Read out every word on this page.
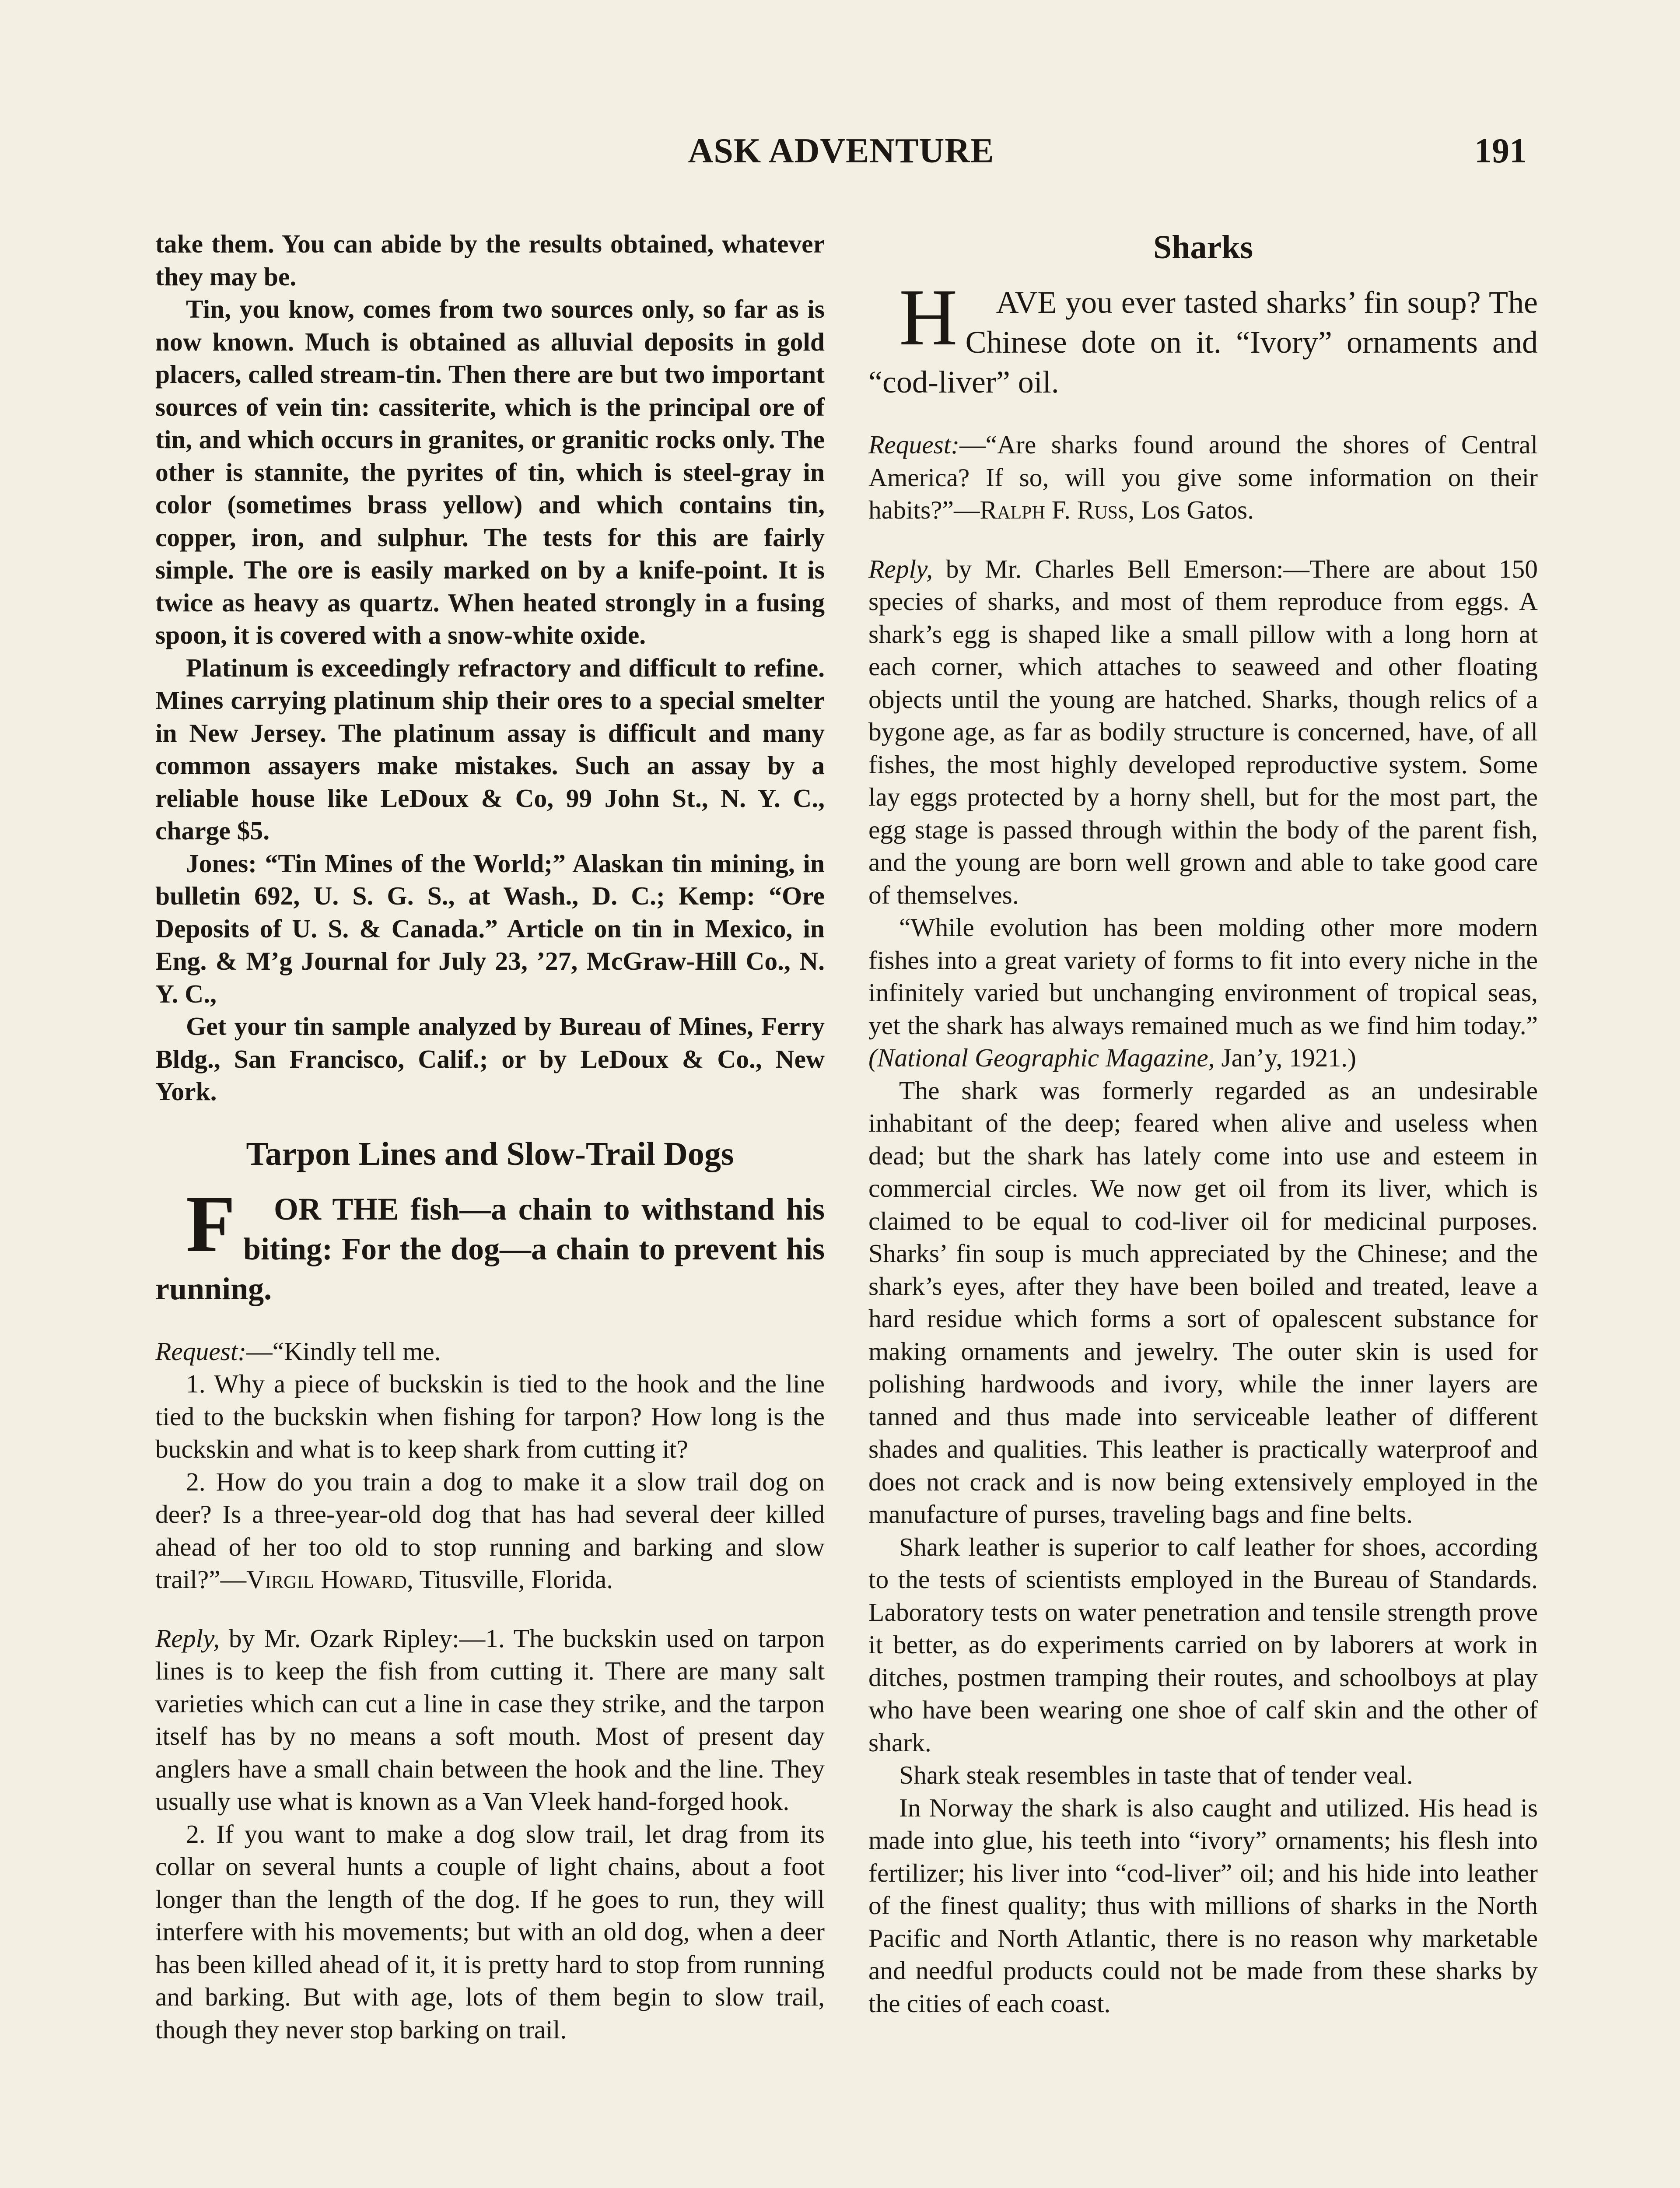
ASK ADVENTURE	191

take them. You can abide by the results obtained, whatever they may be.

Tin, you know, comes from two sources only, so far as is now known. Much is obtained as alluvial deposits in gold placers, called stream-tin. Then there are but two important sources of vein tin: cassiterite, which is the principal ore of tin, and which occurs in granites, or granitic rocks only. The other is stannite, the pyrites of tin, which is steel-gray in color (sometimes brass yellow) and which contains tin, copper, iron, and sulphur. The tests for this are fairly simple. The ore is easily marked on by a knife-point. It is twice as heavy as quartz. When heated strongly in a fusing spoon, it is covered with a snow-white oxide.

Platinum is exceedingly refractory and difficult to refine. Mines carrying platinum ship their ores to a special smelter in New Jersey. The platinum assay is difficult and many common assayers make mistakes. Such an assay by a reliable house like LeDoux & Co, 99 John St., N. Y. C., charge $5.

Jones: “Tin Mines of the World;” Alaskan tin mining, in bulletin 692, U. S. G. S., at Wash., D. C.; Kemp: “Ore Deposits of U. S. & Canada.” Article on tin in Mexico, in Eng. & M’g Journal for July 23, ’27, McGraw-Hill Co., N. Y. C.,

Get your tin sample analyzed by Bureau of Mines, Ferry Bldg., San Francisco, Calif.; or by LeDoux & Co., New York.

Tarpon Lines and Slow-Trail Dogs

F OR THE fish—a chain to withstand his biting: For the dog—a chain to prevent his running.

Request:—“Kindly tell me.

1. Why a piece of buckskin is tied to the hook and the line tied to the buckskin when fishing for tarpon? How long is the buckskin and what is to keep shark from cutting it?

2. How do you train a dog to make it a slow trail dog on deer? Is a three-year-old dog that has had several deer killed ahead of her too old to stop running and barking and slow trail?”—Virgil Howard, Titusville, Florida.

Reply, by Mr. Ozark Ripley:—1. The buckskin used on tarpon lines is to keep the fish from cutting it. There are many salt varieties which can cut a line in case they strike, and the tarpon itself has by no means a soft mouth. Most of present day anglers have a small chain between the hook and the line. They usually use what is known as a Van Vleek hand-forged hook.

2. If you want to make a dog slow trail, let drag from its collar on several hunts a couple of light chains, about a foot longer than the length of the dog. If he goes to run, they will interfere with his movements; but with an old dog, when a deer has been killed ahead of it, it is pretty hard to stop from running and barking. But with age, lots of them begin to slow trail, though they never stop barking on trail.

Sharks

H AVE you ever tasted sharks’ fin soup? The Chinese dote on it. “Ivory” ornaments and “cod-liver” oil.

Request:—“Are sharks found around the shores of Central America? If so, will you give some information on their habits?”—Ralph F. Russ, Los Gatos.

Reply, by Mr. Charles Bell Emerson:—There are about 150 species of sharks, and most of them reproduce from eggs. A shark’s egg is shaped like a small pillow with a long horn at each corner, which attaches to seaweed and other floating objects until the young are hatched. Sharks, though relics of a bygone age, as far as bodily structure is concerned, have, of all fishes, the most highly developed reproductive system. Some lay eggs protected by a horny shell, but for the most part, the egg stage is passed through within the body of the parent fish, and the young are born well grown and able to take good care of themselves.

“While evolution has been molding other more modern fishes into a great variety of forms to fit into every niche in the infinitely varied but unchanging environment of tropical seas, yet the shark has always remained much as we find him today.” (National Geographic Magazine, Jan’y, 1921.)

The shark was formerly regarded as an undesirable inhabitant of the deep; feared when alive and useless when dead; but the shark has lately come into use and esteem in commercial circles. We now get oil from its liver, which is claimed to be equal to cod-liver oil for medicinal purposes. Sharks’ fin soup is much appreciated by the Chinese; and the shark’s eyes, after they have been boiled and treated, leave a hard residue which forms a sort of opalescent substance for making ornaments and jewelry. The outer skin is used for polishing hardwoods and ivory, while the inner layers are tanned and thus made into serviceable leather of different shades and qualities. This leather is practically waterproof and does not crack and is now being extensively employed in the manufacture of purses, traveling bags and fine belts.

Shark leather is superior to calf leather for shoes, according to the tests of scientists employed in the Bureau of Standards. Laboratory tests on water penetration and tensile strength prove it better, as do experiments carried on by laborers at work in ditches, postmen tramping their routes, and schoolboys at play who have been wearing one shoe of calf skin and the other of shark.

Shark steak resembles in taste that of tender veal.

In Norway the shark is also caught and utilized. His head is made into glue, his teeth into “ivory” ornaments; his flesh into fertilizer; his liver into “cod-liver” oil; and his hide into leather of the finest quality; thus with millions of sharks in the North Pacific and North Atlantic, there is no reason why marketable and needful products could not be made from these sharks by the cities of each coast.
